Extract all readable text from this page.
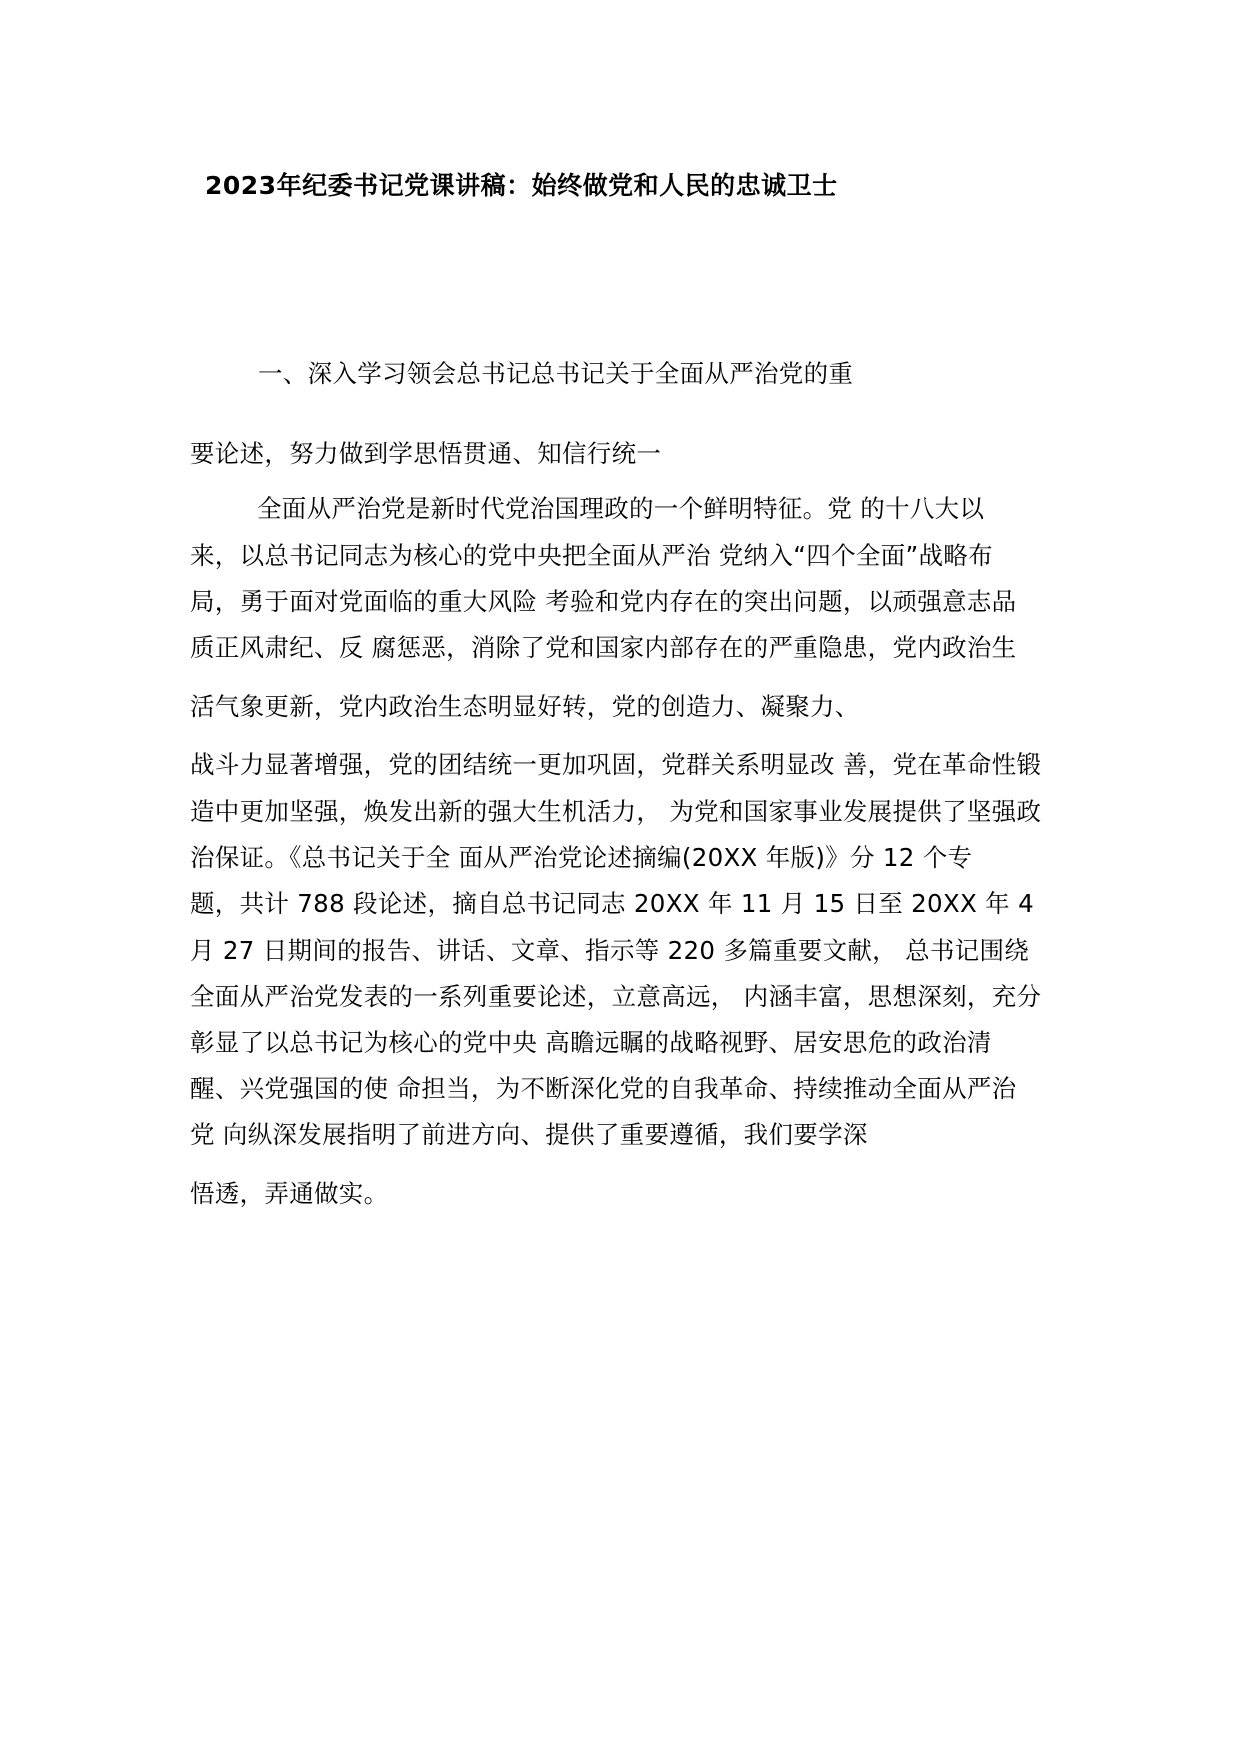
2023年纪委书记党课讲稿：始终做党和人民的忠诚卫士
一、深入学习领会总书记总书记关于全面从严治党的重
要论述，努力做到学思悟贯通、知信行统一
全面从严治党是新时代党治国理政的一个鲜明特征。党 的十八大以
来，以总书记同志为核心的党中央把全面从严治 党纳入“四个全面”战略布
局，勇于面对党面临的重大风险 考验和党内存在的突出问题，以顽强意志品
质正风肃纪、反 腐惩恶，消除了党和国家内部存在的严重隐患，党内政治生
活气象更新，党内政治生态明显好转，党的创造力、凝聚力、
战斗力显著增强，党的团结统一更加巩固，党群关系明显改 善，党在革命性锻
造中更加坚强，焕发出新的强大生机活力， 为党和国家事业发展提供了坚强政
治保证。《总书记关于全 面从严治党论述摘编(20XX 年版)》分 12 个专
题，共计 788 段论述，摘自总书记同志 20XX 年 11 月 15 日至 20XX 年 4
月 27 日期间的报告、讲话、文章、指示等 220 多篇重要文献， 总书记围绕
全面从严治党发表的一系列重要论述，立意高远， 内涵丰富，思想深刻，充分
彰显了以总书记为核心的党中央 高瞻远瞩的战略视野、居安思危的政治清
醒、兴党强国的使 命担当，为不断深化党的自我革命、持续推动全面从严治
党 向纵深发展指明了前进方向、提供了重要遵循，我们要学深
悟透，弄通做实。
